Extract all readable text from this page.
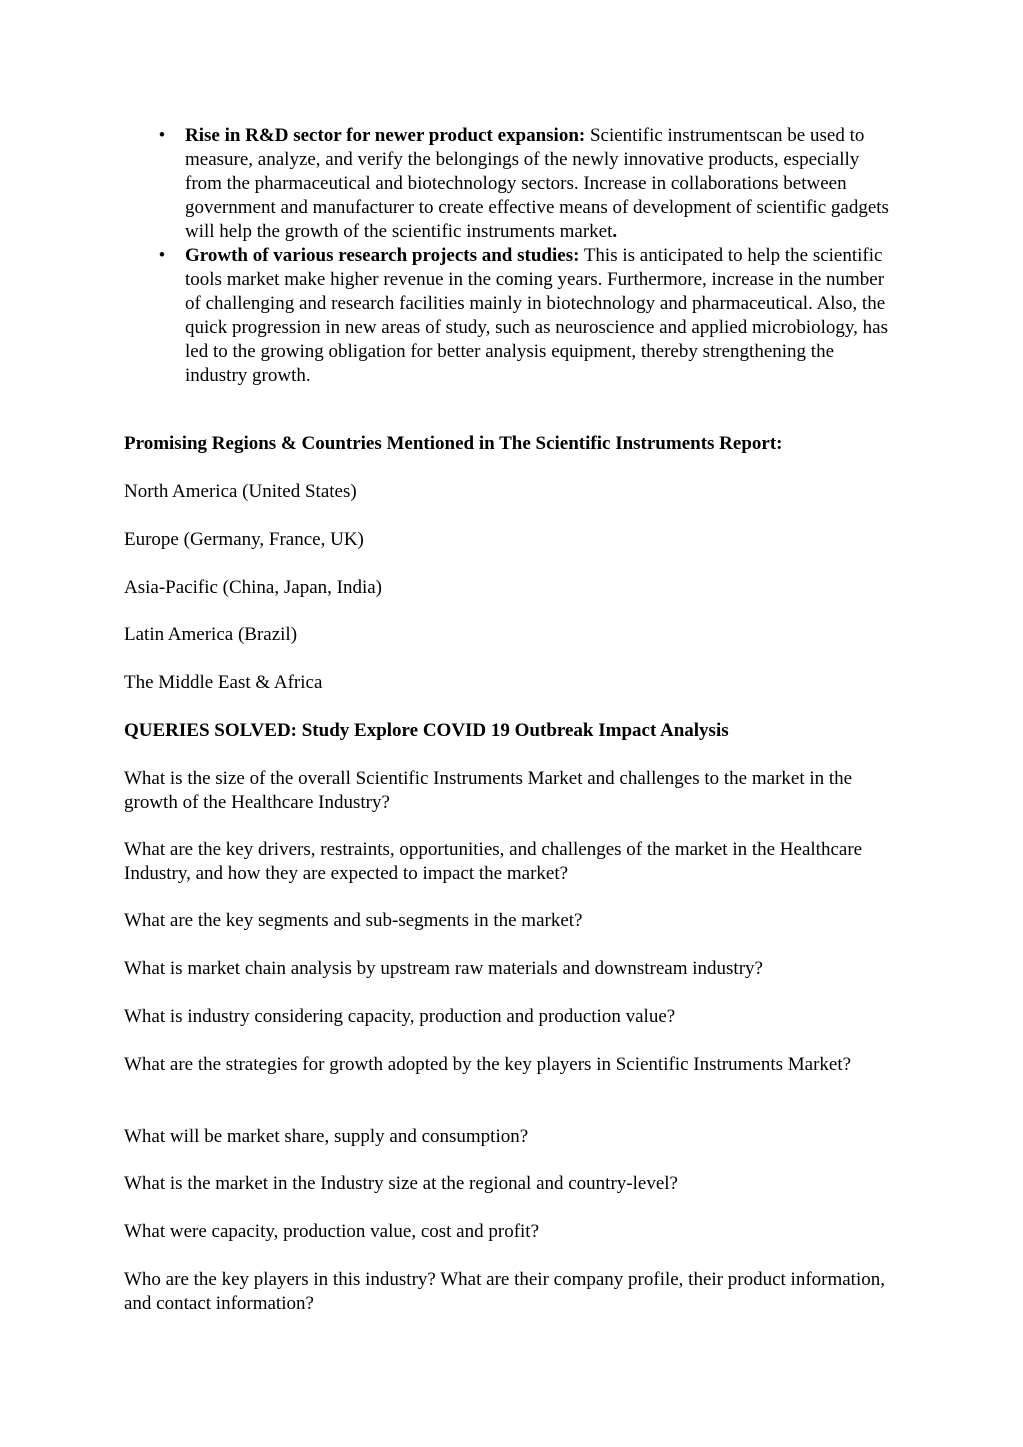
• Rise in R&D sector for newer product expansion: Scientific instrumentscan be used to measure, analyze, and verify the belongings of the newly innovative products, especially from the pharmaceutical and biotechnology sectors. Increase in collaborations between government and manufacturer to create effective means of development of scientific gadgets will help the growth of the scientific instruments market.
• Growth of various research projects and studies: This is anticipated to help the scientific tools market make higher revenue in the coming years. Furthermore, increase in the number of challenging and research facilities mainly in biotechnology and pharmaceutical. Also, the quick progression in new areas of study, such as neuroscience and applied microbiology, has led to the growing obligation for better analysis equipment, thereby strengthening the industry growth.

Promising Regions & Countries Mentioned in The Scientific Instruments Report:

North America (United States)

Europe (Germany, France, UK)

Asia-Pacific (China, Japan, India)

Latin America (Brazil)

The Middle East & Africa

QUERIES SOLVED: Study Explore COVID 19 Outbreak Impact Analysis

What is the size of the overall Scientific Instruments Market and challenges to the market in the growth of the Healthcare Industry?

What are the key drivers, restraints, opportunities, and challenges of the market in the Healthcare Industry, and how they are expected to impact the market?

What are the key segments and sub-segments in the market?

What is market chain analysis by upstream raw materials and downstream industry?

What is industry considering capacity, production and production value?

What are the strategies for growth adopted by the key players in Scientific Instruments Market?

What will be market share, supply and consumption?

What is the market in the Industry size at the regional and country-level?

What were capacity, production value, cost and profit?

Who are the key players in this industry? What are their company profile, their product information, and contact information?
